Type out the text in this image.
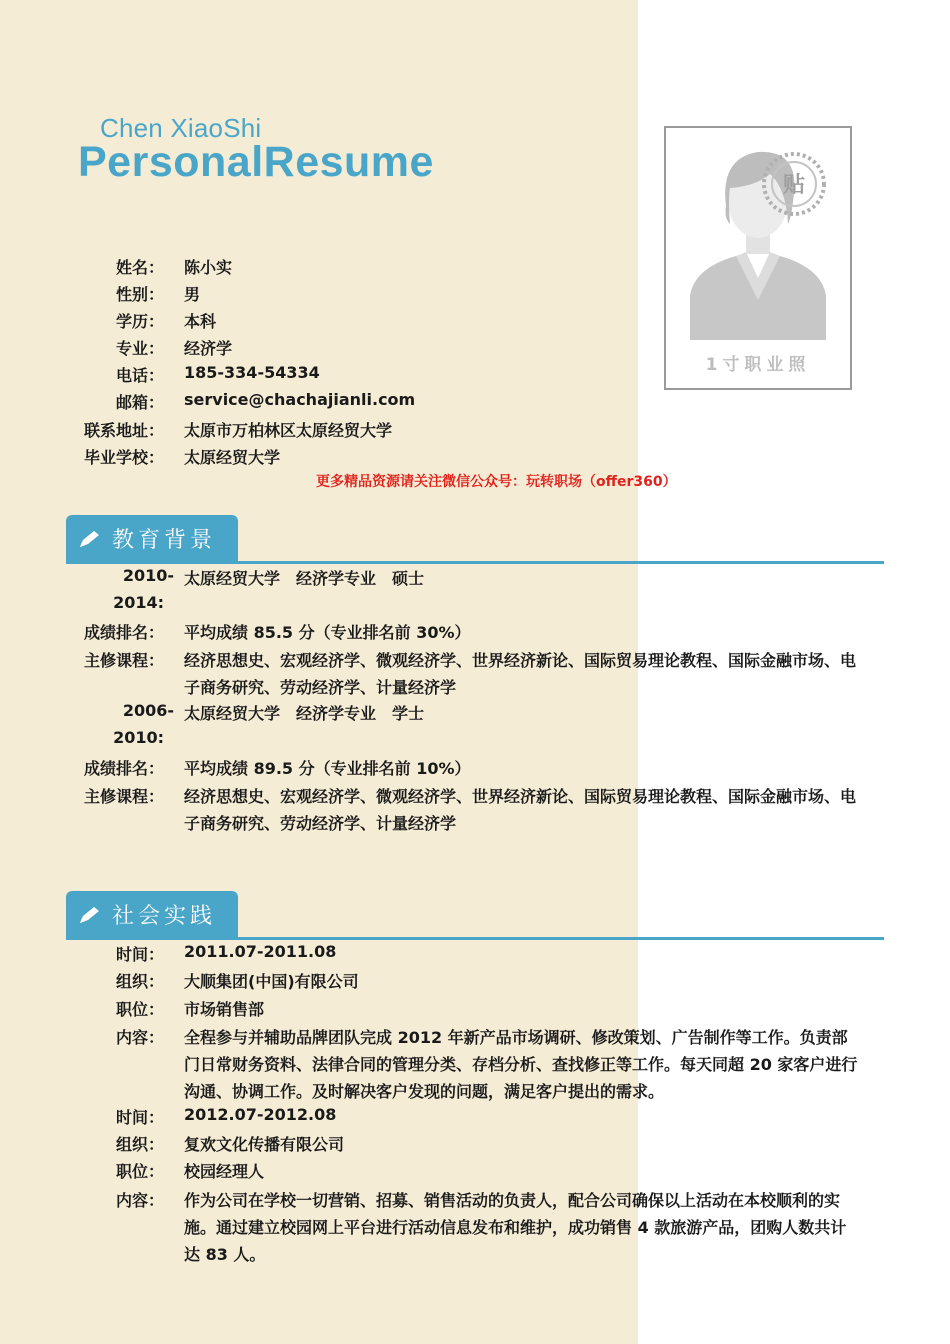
Chen XiaoShi
PersonalResume	贴
1寸职业照
姓名： 陈小实
性别： 男
学历： 本科
专业： 经济学
电话： 185-334-54334
邮箱： service@chachajianli.com
联系地址： 太原市万柏林区太原经贸大学
毕业学校： 太原经贸大学
更多精品资源请关注微信公众号：玩转职场（offer360）
教育背景
2010- 太原经贸大学　经济学专业　硕士
2014:
成绩排名： 平均成绩 85.5 分（专业排名前 30%）
主修课程： 经济思想史、宏观经济学、微观经济学、世界经济新论、国际贸易理论教程、国际金融市场、电子商务研究、劳动经济学、计量经济学
2006- 太原经贸大学　经济学专业　学士
2010:
成绩排名： 平均成绩 89.5 分（专业排名前 10%）
主修课程： 经济思想史、宏观经济学、微观经济学、世界经济新论、国际贸易理论教程、国际金融市场、电子商务研究、劳动经济学、计量经济学
社会实践
时间： 2011.07-2011.08
组织： 大顺集团(中国)有限公司
职位： 市场销售部
内容： 全程参与并辅助品牌团队完成 2012 年新产品市场调研、修改策划、广告制作等工作。负责部门日常财务资料、法律合同的管理分类、存档分析、查找修正等工作。每天同超 20 家客户进行沟通、协调工作。及时解决客户发现的问题，满足客户提出的需求。
时间： 2012.07-2012.08
组织： 复欢文化传播有限公司
职位： 校园经理人
内容： 作为公司在学校一切营销、招募、销售活动的负责人，配合公司确保以上活动在本校顺利的实施。通过建立校园网上平台进行活动信息发布和维护，成功销售 4 款旅游产品，团购人数共计达 83 人。
